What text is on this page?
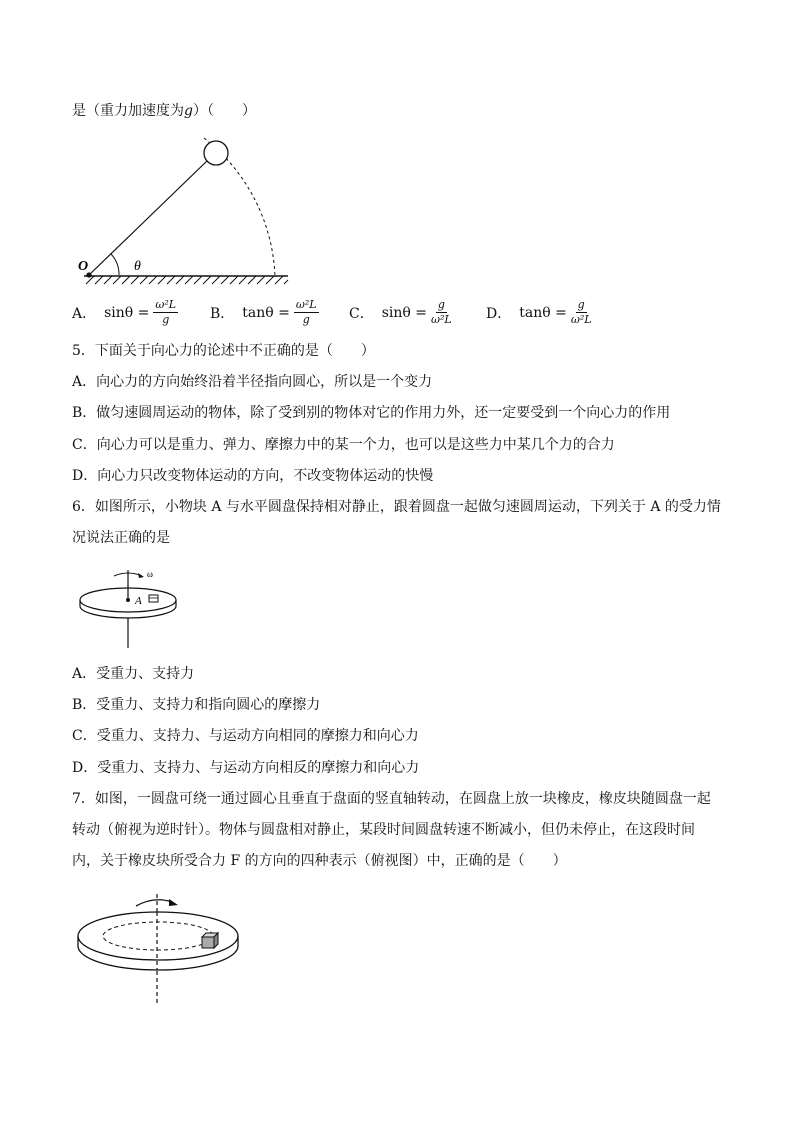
是（重力加速度为g）（　　）
O	θ
A． $\sin\theta = \frac{\text{ω²L}}{g}$ B． $\tan\theta = \frac{\text{ω²L}}{g}$ C． $\sin\theta = \frac{g}{\text{ω²L}}$ D． $\tan\theta = \frac{g}{\text{ω²L}}$
5．下面关于向心力的论述中不正确的是（　　）
A．向心力的方向始终沿着半径指向圆心，所以是一个变力
B．做匀速圆周运动的物体，除了受到别的物体对它的作用力外，还一定要受到一个向心力的作用
C．向心力可以是重力、弹力、摩擦力中的某一个力，也可以是这些力中某几个力的合力
D．向心力只改变物体运动的方向，不改变物体运动的快慢
6．如图所示，小物块 A 与水平圆盘保持相对静止，跟着圆盘一起做匀速圆周运动，下列关于 A 的受力情
况说法正确的是
ω
A
A．受重力、支持力
B．受重力、支持力和指向圆心的摩擦力
C．受重力、支持力、与运动方向相同的摩擦力和向心力
D．受重力、支持力、与运动方向相反的摩擦力和向心力
7．如图，一圆盘可绕一通过圆心且垂直于盘面的竖直轴转动，在圆盘上放一块橡皮，橡皮块随圆盘一起
转动（俯视为逆时针）。物体与圆盘相对静止，某段时间圆盘转速不断减小，但仍未停止，在这段时间
内，关于橡皮块所受合力 F 的方向的四种表示（俯视图）中，正确的是（　　）
